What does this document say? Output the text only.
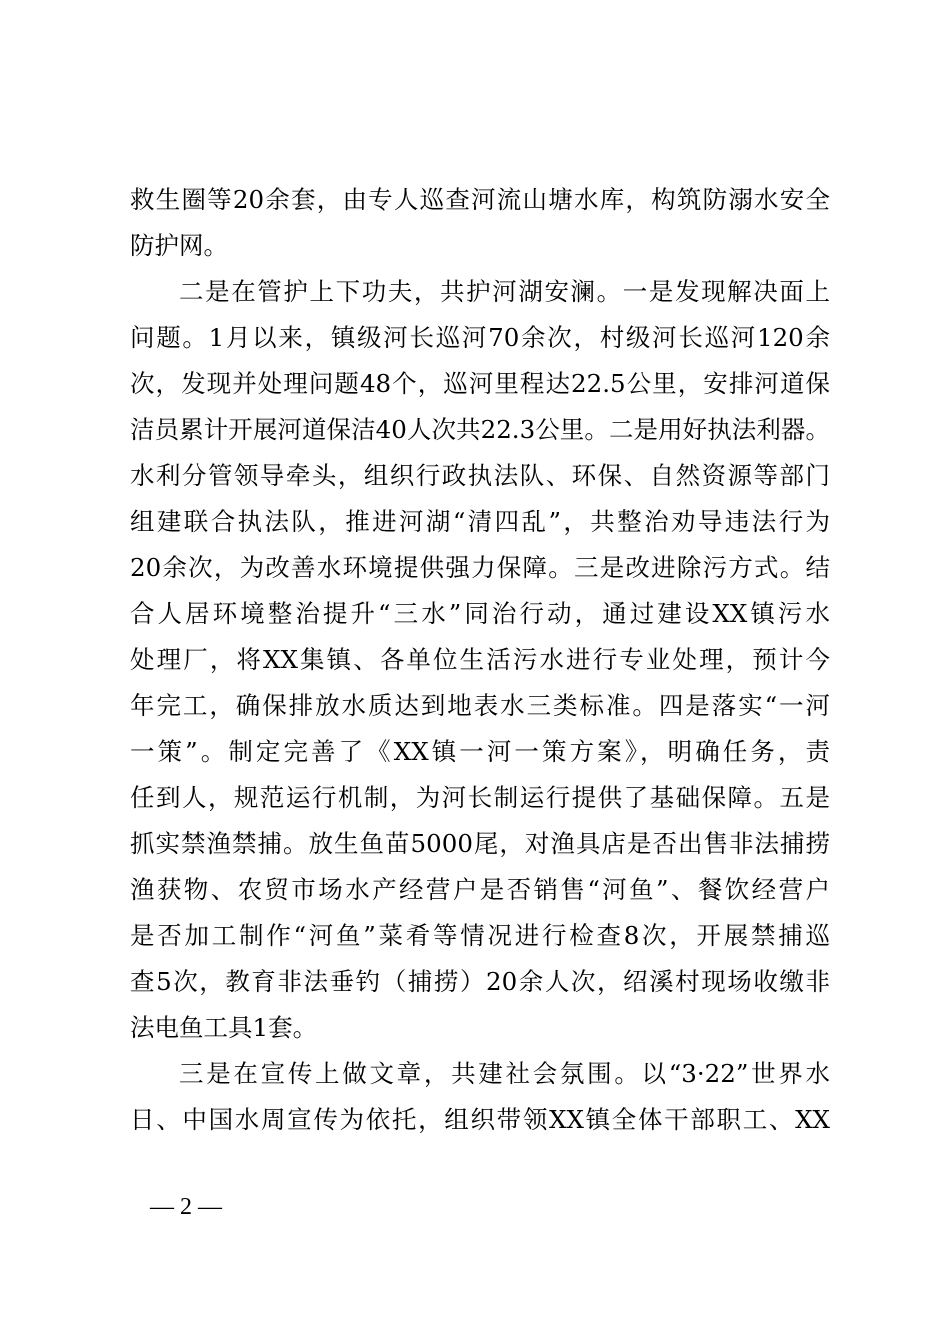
救生圈等20余套，由专人巡查河流山塘水库，构筑防溺水安全
防护网。
二是在管护上下功夫，共护河湖安澜。一是发现解决面上
问题。1月以来，镇级河长巡河70余次，村级河长巡河120余
次，发现并处理问题48个，巡河里程达22.5公里，安排河道保
洁员累计开展河道保洁40人次共22.3公里。二是用好执法利器。
水利分管领导牵头，组织行政执法队、环保、自然资源等部门
组建联合执法队，推进河湖“清四乱”，共整治劝导违法行为
20余次，为改善水环境提供强力保障。三是改进除污方式。结
合人居环境整治提升“三水”同治行动，通过建设XX镇污水
处理厂，将XX集镇、各单位生活污水进行专业处理，预计今
年完工，确保排放水质达到地表水三类标准。四是落实“一河
一策”。制定完善了《XX镇一河一策方案》，明确任务，责
任到人，规范运行机制，为河长制运行提供了基础保障。五是
抓实禁渔禁捕。放生鱼苗5000尾，对渔具店是否出售非法捕捞
渔获物、农贸市场水产经营户是否销售“河鱼”、餐饮经营户
是否加工制作“河鱼”菜肴等情况进行检查8次，开展禁捕巡
查5次，教育非法垂钓（捕捞）20余人次，绍溪村现场收缴非
法电鱼工具1套。
三是在宣传上做文章，共建社会氛围。以“3·22”世界水
日、中国水周宣传为依托，组织带领XX镇全体干部职工、XX
— 2 —
